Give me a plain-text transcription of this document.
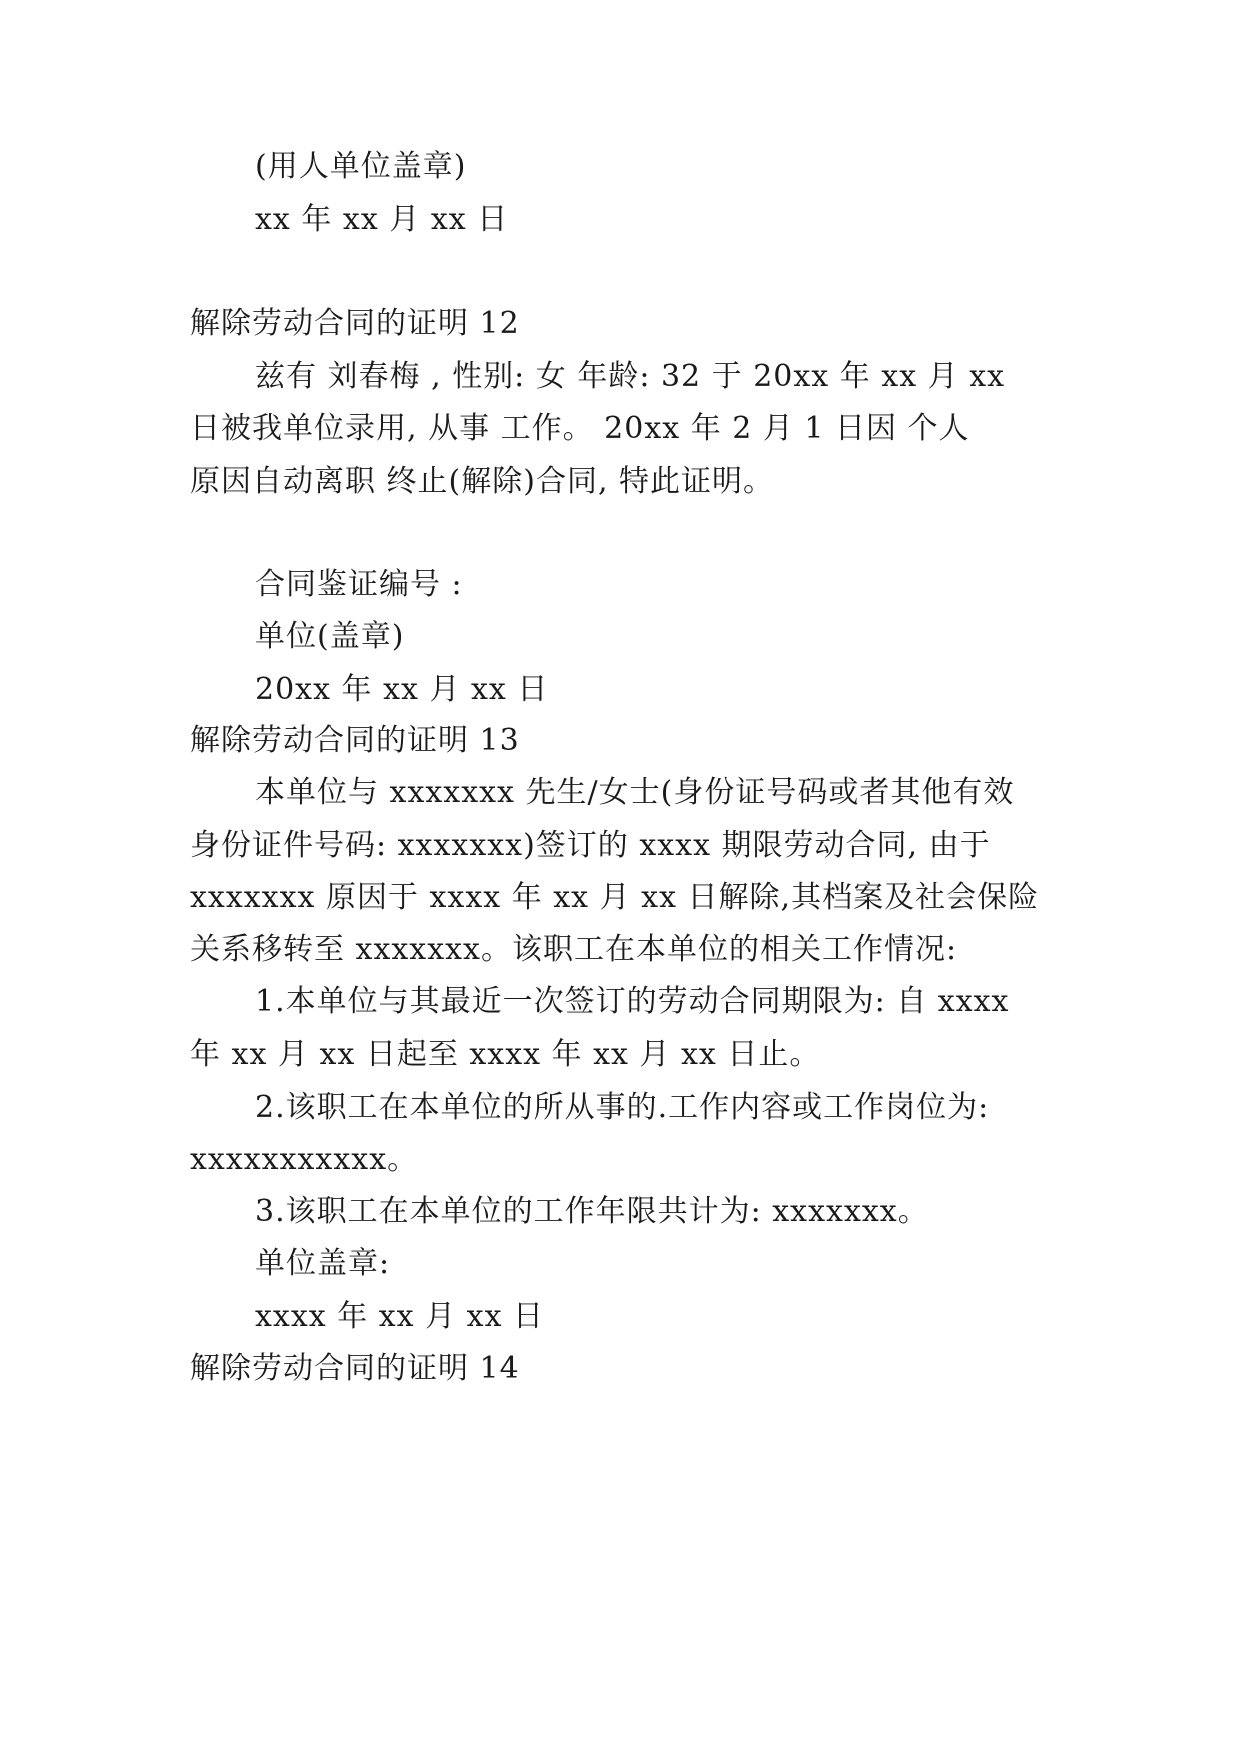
(用人单位盖章)
xx 年 xx 月 xx 日
解除劳动合同的证明 12
兹有 刘春梅 , 性别: 女 年龄: 32 于 20xx 年 xx 月 xx
日被我单位录用, 从事 工作。 20xx 年 2 月 1 日因 个人
原因自动离职 终止(解除)合同, 特此证明。
合同鉴证编号 :
单位(盖章)
20xx 年 xx 月 xx 日
解除劳动合同的证明 13
本单位与 xxxxxxx 先生/女士(身份证号码或者其他有效
身份证件号码: xxxxxxx)签订的 xxxx 期限劳动合同, 由于
xxxxxxx 原因于 xxxx 年 xx 月 xx 日解除,其档案及社会保险
关系移转至 xxxxxxx。该职工在本单位的相关工作情况:
1.本单位与其最近一次签订的劳动合同期限为: 自 xxxx
年 xx 月 xx 日起至 xxxx 年 xx 月 xx 日止。
2.该职工在本单位的所从事的.工作内容或工作岗位为:
xxxxxxxxxxx。
3.该职工在本单位的工作年限共计为: xxxxxxx。
单位盖章:
xxxx 年 xx 月 xx 日
解除劳动合同的证明 14
